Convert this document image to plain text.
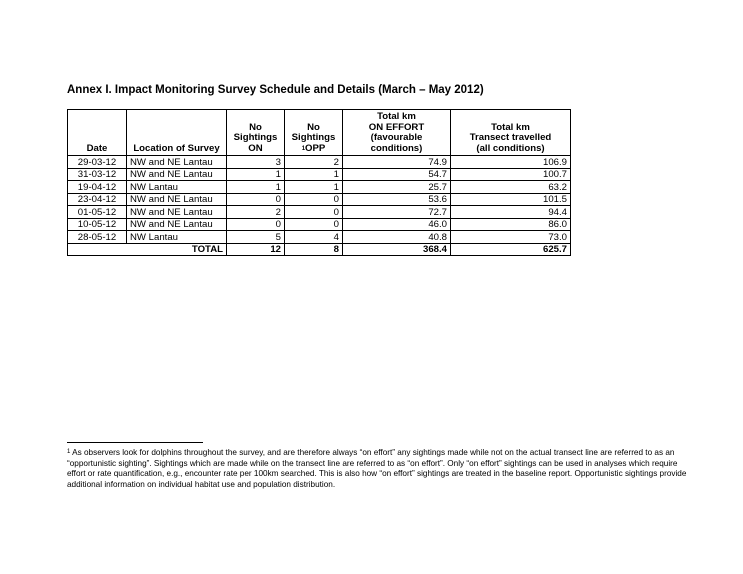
Annex I. Impact Monitoring Survey Schedule and Details (March – May 2012)
Date	Location of Survey	No
Sightings
ON	No
Sightings
$^1$OPP	Total km
ON EFFORT
(favourable conditions)	Total km
Transect travelled
(all conditions)
29-03-12	NW and NE Lantau	3	2	74.9	106.9
31-03-12	NW and NE Lantau	1	1	54.7	100.7
19-04-12	NW Lantau	1	1	25.7	63.2
23-04-12	NW and NE Lantau	0	0	53.6	101.5
01-05-12	NW and NE Lantau	2	0	72.7	94.4
10-05-12	NW and NE Lantau	0	0	46.0	86.0
28-05-12	NW Lantau	5	4	40.8	73.0
TOTAL		12	8	368.4	625.7
$^1$ As observers look for dolphins throughout the survey, and are therefore always “on effort” any sightings made while not on the actual transect line are referred to as an “opportunistic sighting”. Sightings which are made while on the transect line are referred to as “on effort”. Only “on effort” sightings can be used in analyses which require effort or rate quantification, e.g., encounter rate per 100km searched. This is also how “on effort” sightings are treated in the baseline report. Opportunistic sightings provide additional information on individual habitat use and population distribution.
